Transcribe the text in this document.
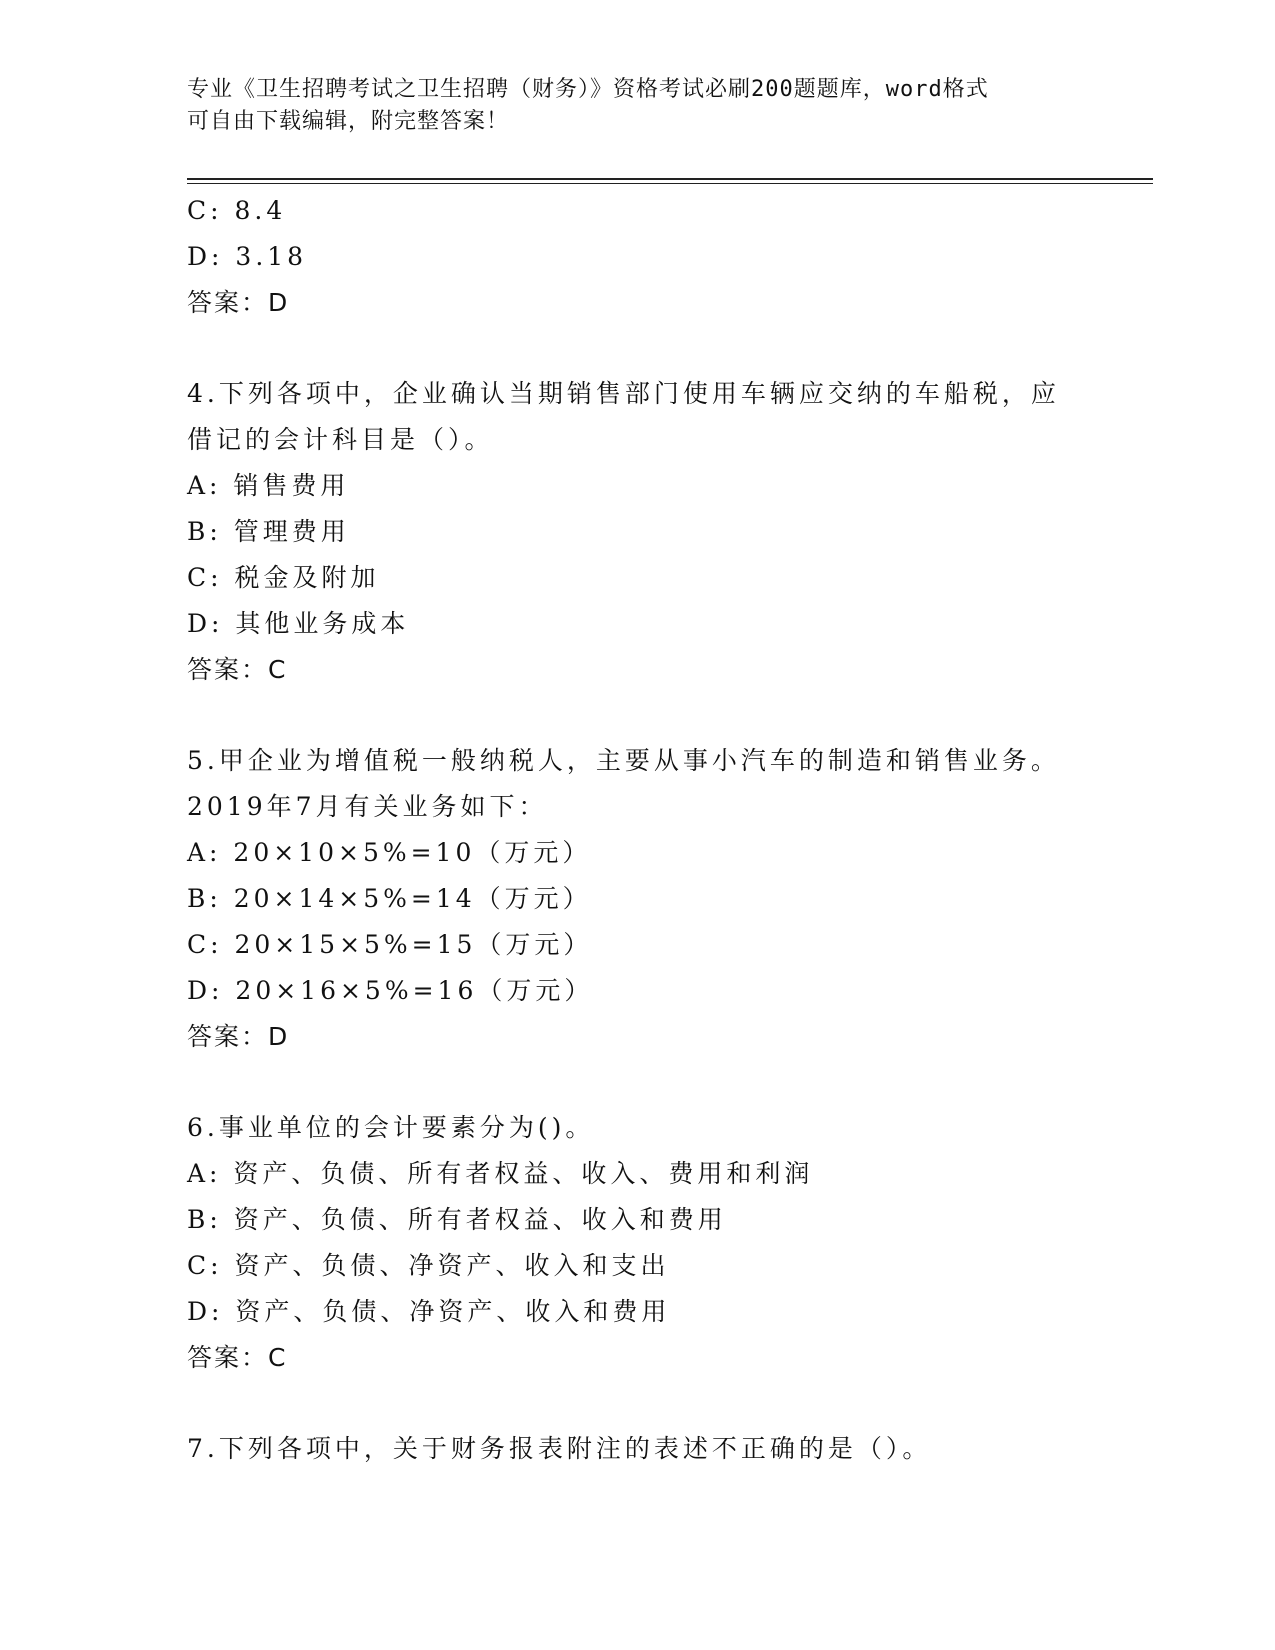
专业《卫生招聘考试之卫生招聘（财务）》资格考试必刷200题题库，word格式
可自由下载编辑，附完整答案！
C: 8.4
D: 3.18
答案：D
4.下列各项中，企业确认当期销售部门使用车辆应交纳的车船税，应
借记的会计科目是（）。
A: 销售费用
B: 管理费用
C: 税金及附加
D: 其他业务成本
答案：C
5.甲企业为增值税一般纳税人，主要从事小汽车的制造和销售业务。
2019年7月有关业务如下：
A: 20×10×5%=10（万元）
B: 20×14×5%=14（万元）
C: 20×15×5%=15（万元）
D: 20×16×5%=16（万元）
答案：D
6.事业单位的会计要素分为()。
A: 资产、负债、所有者权益、收入、费用和利润
B: 资产、负债、所有者权益、收入和费用
C: 资产、负债、净资产、收入和支出
D: 资产、负债、净资产、收入和费用
答案：C
7.下列各项中，关于财务报表附注的表述不正确的是（）。
